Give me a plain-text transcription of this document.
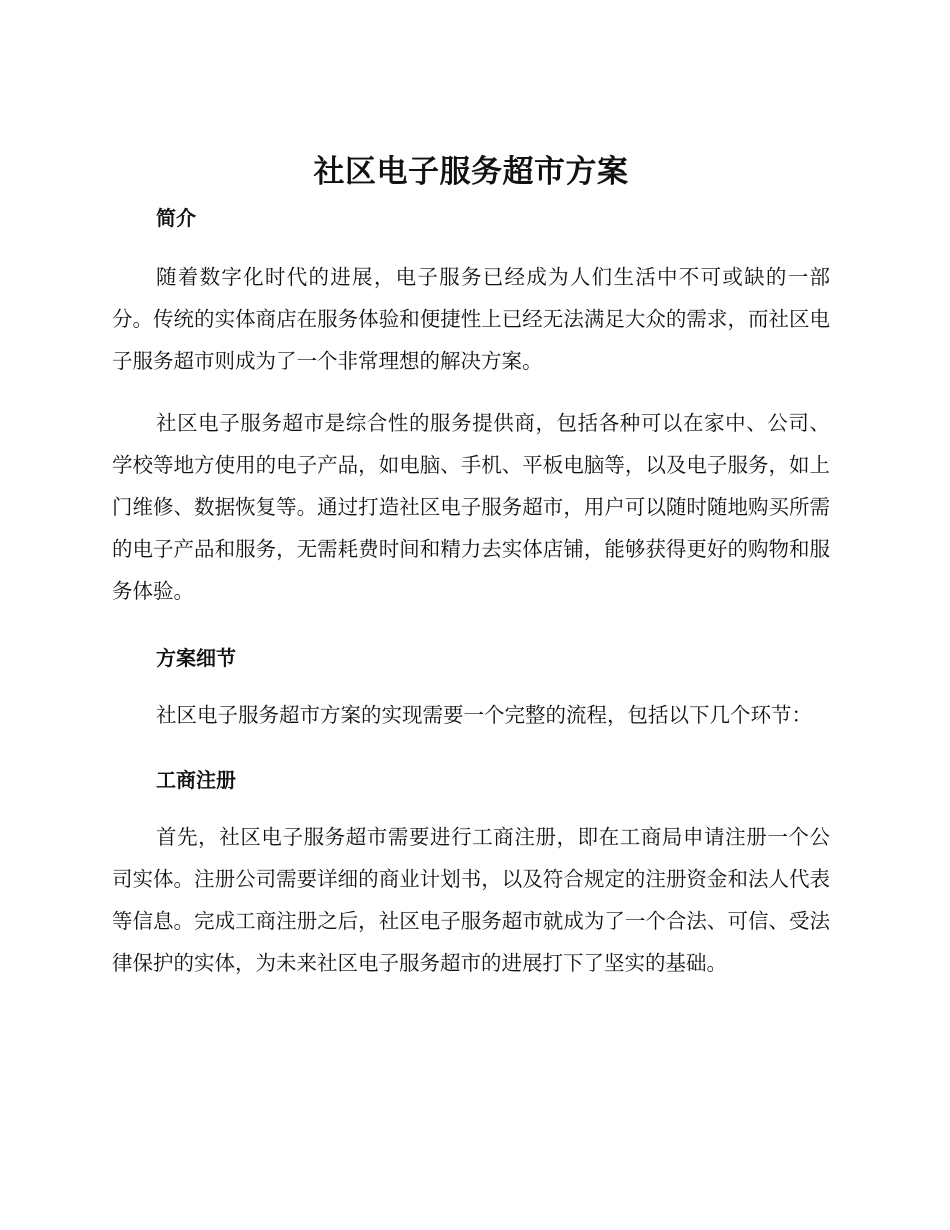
社区电子服务超市方案
简介

随着数字化时代的进展，电子服务已经成为人们生活中不可或缺的一部分。传统的实体商店在服务体验和便捷性上已经无法满足大众的需求，而社区电子服务超市则成为了一个非常理想的解决方案。

社区电子服务超市是综合性的服务提供商，包括各种可以在家中、公司、学校等地方使用的电子产品，如电脑、手机、平板电脑等，以及电子服务，如上门维修、数据恢复等。通过打造社区电子服务超市，用户可以随时随地购买所需的电子产品和服务，无需耗费时间和精力去实体店铺，能够获得更好的购物和服务体验。

方案细节

社区电子服务超市方案的实现需要一个完整的流程，包括以下几个环节：

工商注册

首先，社区电子服务超市需要进行工商注册，即在工商局申请注册一个公司实体。注册公司需要详细的商业计划书，以及符合规定的注册资金和法人代表等信息。完成工商注册之后，社区电子服务超市就成为了一个合法、可信、受法律保护的实体，为未来社区电子服务超市的进展打下了坚实的基础。
